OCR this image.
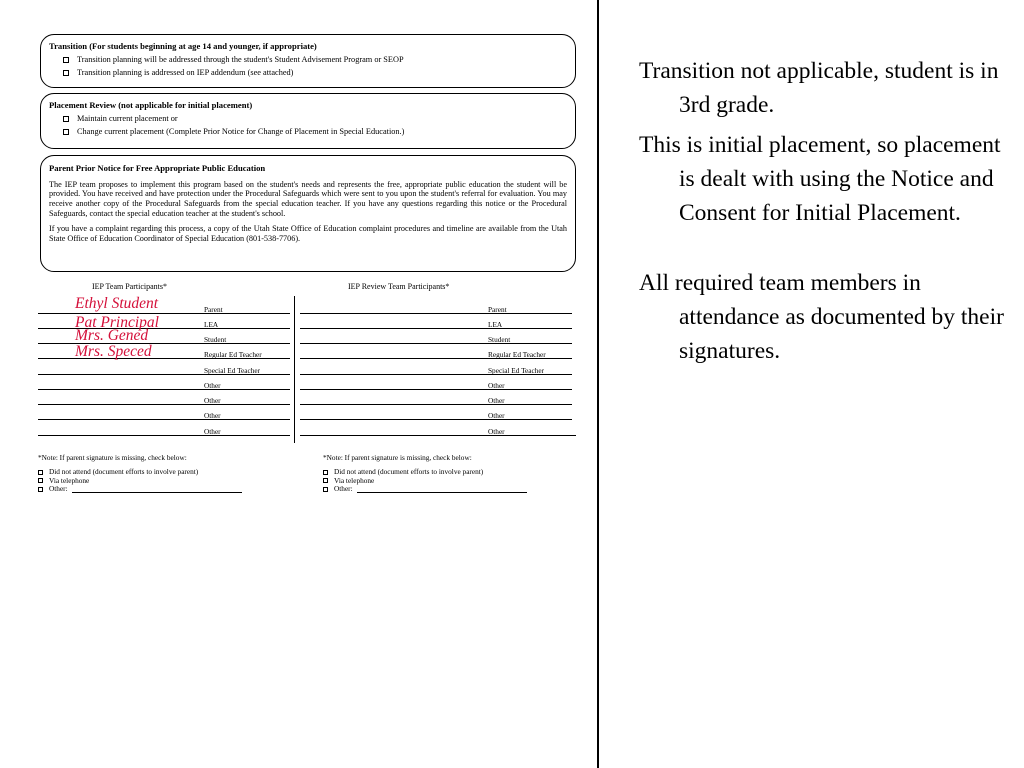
Transition (For students beginning at age 14 and younger, if appropriate)
Transition planning will be addressed through the student's Student Advisement Program or SEOP
Transition planning is addressed on IEP addendum (see attached)
Placement Review (not applicable for initial placement)
Maintain current placement or
Change current placement (Complete Prior Notice for Change of Placement in Special Education.)
Parent Prior Notice for Free Appropriate Public Education
The IEP team proposes to implement this program based on the student's needs and represents the free, appropriate public education the student will be provided. You have received and have protection under the Procedural Safeguards which were sent to you upon the student's referral for evaluation. You may receive another copy of the Procedural Safeguards from the special education teacher. If you have any questions regarding this notice or the Procedural Safeguards, contact the special education teacher at the student's school.
If you have a complaint regarding this process, a copy of the Utah State Office of Education complaint procedures and timeline are available from the Utah State Office of Education Coordinator of Special Education (801-538-7706).
IEP Team Participants*	IEP Review Team Participants*
Parent
LEA
Student
Regular Ed Teacher
Special Ed Teacher
Other
Other
Other
Other
Parent
LEA
Student
Regular Ed Teacher
Special Ed Teacher
Other
Other
Other
Other
Ethyl Student
Pat Principal
Mrs. Gened
Mrs. Speced
*Note: If parent signature is missing, check below:
Did not attend (document efforts to involve parent)
Via telephone
Other:
*Note: If parent signature is missing, check below:
Did not attend (document efforts to involve parent)
Via telephone
Other:

Transition not applicable, student is in 3rd grade.

This is initial placement, so placement is dealt with using the Notice and Consent for Initial Placement.

All required team members in attendance as documented by their signatures.
